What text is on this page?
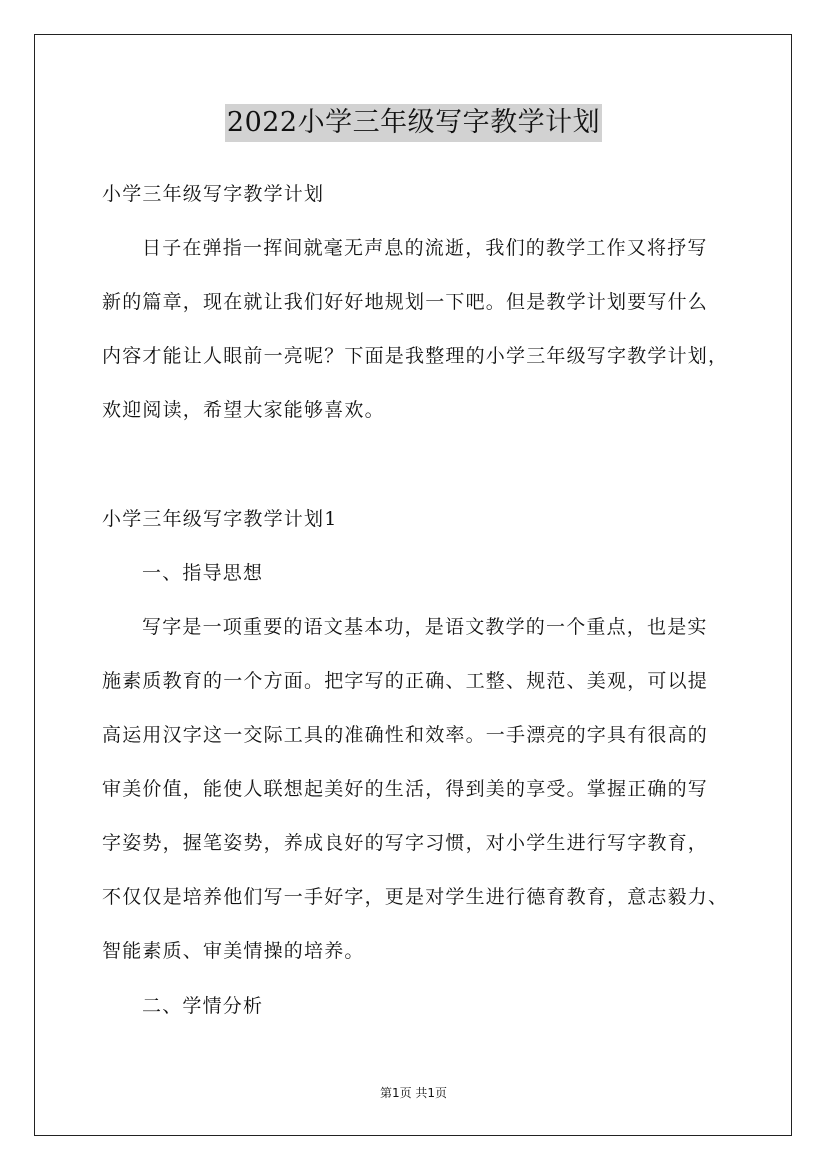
2022小学三年级写字教学计划
小学三年级写字教学计划
日子在弹指一挥间就毫无声息的流逝，我们的教学工作又将抒写
新的篇章，现在就让我们好好地规划一下吧。但是教学计划要写什么
内容才能让人眼前一亮呢？下面是我整理的小学三年级写字教学计划，
欢迎阅读，希望大家能够喜欢。
小学三年级写字教学计划1
一、指导思想
写字是一项重要的语文基本功，是语文教学的一个重点，也是实
施素质教育的一个方面。把字写的正确、工整、规范、美观，可以提
高运用汉字这一交际工具的准确性和效率。一手漂亮的字具有很高的
审美价值，能使人联想起美好的生活，得到美的享受。掌握正确的写
字姿势，握笔姿势，养成良好的写字习惯，对小学生进行写字教育，
不仅仅是培养他们写一手好字，更是对学生进行德育教育，意志毅力、
智能素质、审美情操的培养。
二、学情分析
第1页 共1页
